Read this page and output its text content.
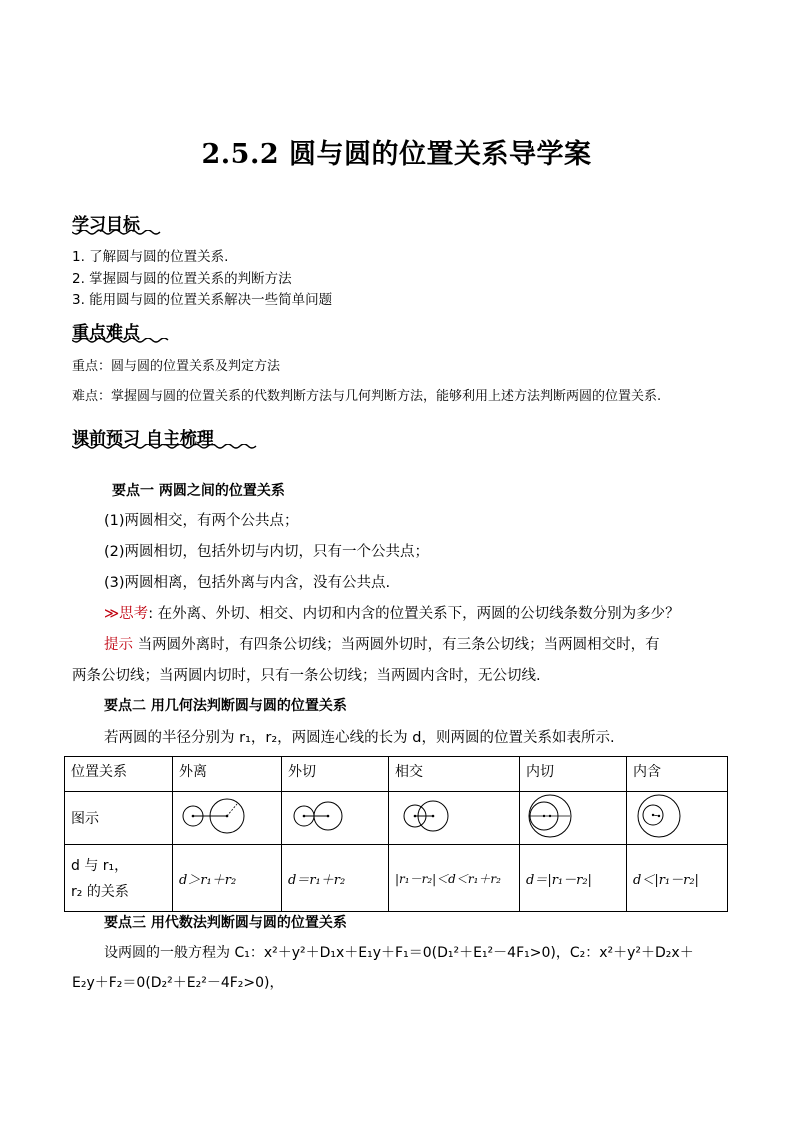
2.5.2 圆与圆的位置关系导学案
学习目标
1. 了解圆与圆的位置关系.
2. 掌握圆与圆的位置关系的判断方法
3. 能用圆与圆的位置关系解决一些简单问题
重点难点
重点：圆与圆的位置关系及判定方法
难点：掌握圆与圆的位置关系的代数判断方法与几何判断方法，能够利用上述方法判断两圆的位置关系.
课前预习 自主梳理
要点一 两圆之间的位置关系
(1)两圆相交，有两个公共点；
(2)两圆相切，包括外切与内切，只有一个公共点；
(3)两圆相离，包括外离与内含，没有公共点.
≫思考: 在外离、外切、相交、内切和内含的位置关系下，两圆的公切线条数分别为多少？
提示 当两圆外离时，有四条公切线；当两圆外切时，有三条公切线；当两圆相交时，有
两条公切线；当两圆内切时，只有一条公切线；当两圆内含时，无公切线.
要点二 用几何法判断圆与圆的位置关系
若两圆的半径分别为 r₁，r₂，两圆连心线的长为 d，则两圆的位置关系如表所示.
位置关系	外离	外切	相交	内切	内含
图示					

d 与 r₁，
r₂ 的关系	d＞r₁＋r₂	d＝r₁＋r₂	|r₁－r₂|＜d＜r₁＋r₂	d＝|r₁－r₂|	d＜|r₁－r₂|
要点三 用代数法判断圆与圆的位置关系
设两圆的一般方程为 C₁：x²＋y²＋D₁x＋E₁y＋F₁＝0(D₁²＋E₁²－4F₁>0)，C₂：x²＋y²＋D₂x＋
E₂y＋F₂＝0(D₂²＋E₂²－4F₂>0)，
